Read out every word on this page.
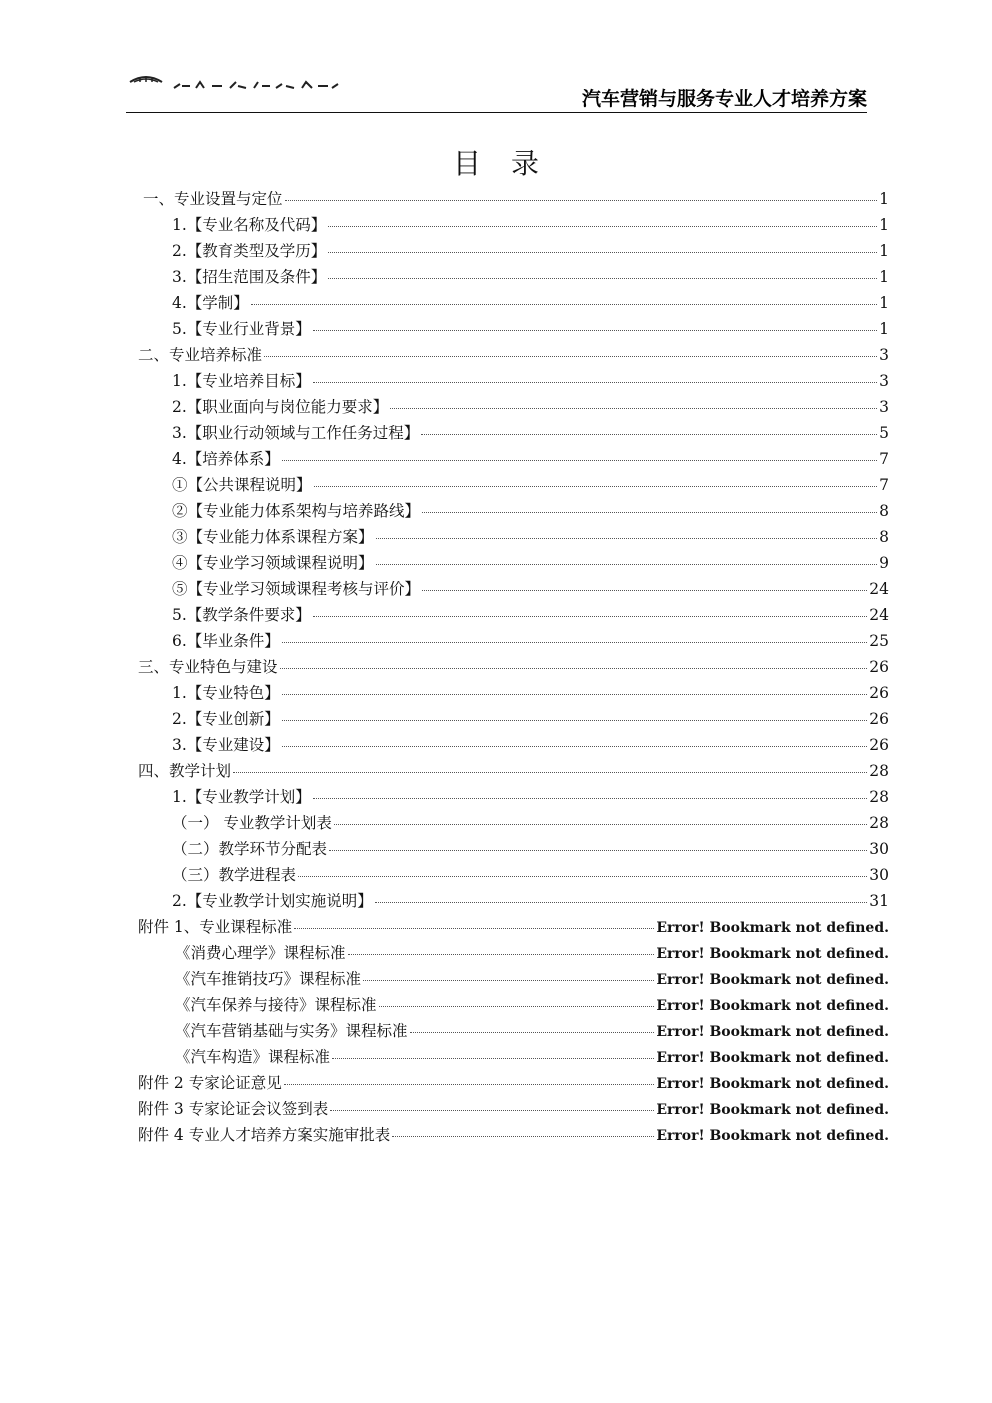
汽车营销与服务专业人才培养方案
目录
一、专业设置与定位	1
1.【专业名称及代码】	1
2.【教育类型及学历】	1
3.【招生范围及条件】	1
4.【学制】	1
5.【专业行业背景】	1
二、专业培养标准	3
1.【专业培养目标】	3
2.【职业面向与岗位能力要求】	3
3.【职业行动领域与工作任务过程】	5
4.【培养体系】	7
①【公共课程说明】	7
②【专业能力体系架构与培养路线】	8
③【专业能力体系课程方案】	8
④【专业学习领域课程说明】	9
⑤【专业学习领域课程考核与评价】	24
5.【教学条件要求】	24
6.【毕业条件】	25
三、专业特色与建设	26
1.【专业特色】	26
2.【专业创新】	26
3.【专业建设】	26
四、教学计划	28
1.【专业教学计划】	28
（一） 专业教学计划表	28
（二）教学环节分配表	30
（三）教学进程表	30
2.【专业教学计划实施说明】	31
附件 1、专业课程标准	Error! Bookmark not defined.
《消费心理学》课程标准	Error! Bookmark not defined.
《汽车推销技巧》课程标准	Error! Bookmark not defined.
《汽车保养与接待》课程标准	Error! Bookmark not defined.
《汽车营销基础与实务》课程标准	Error! Bookmark not defined.
《汽车构造》课程标准	Error! Bookmark not defined.
附件 2 专家论证意见	Error! Bookmark not defined.
附件 3 专家论证会议签到表	Error! Bookmark not defined.
附件 4 专业人才培养方案实施审批表	Error! Bookmark not defined.
